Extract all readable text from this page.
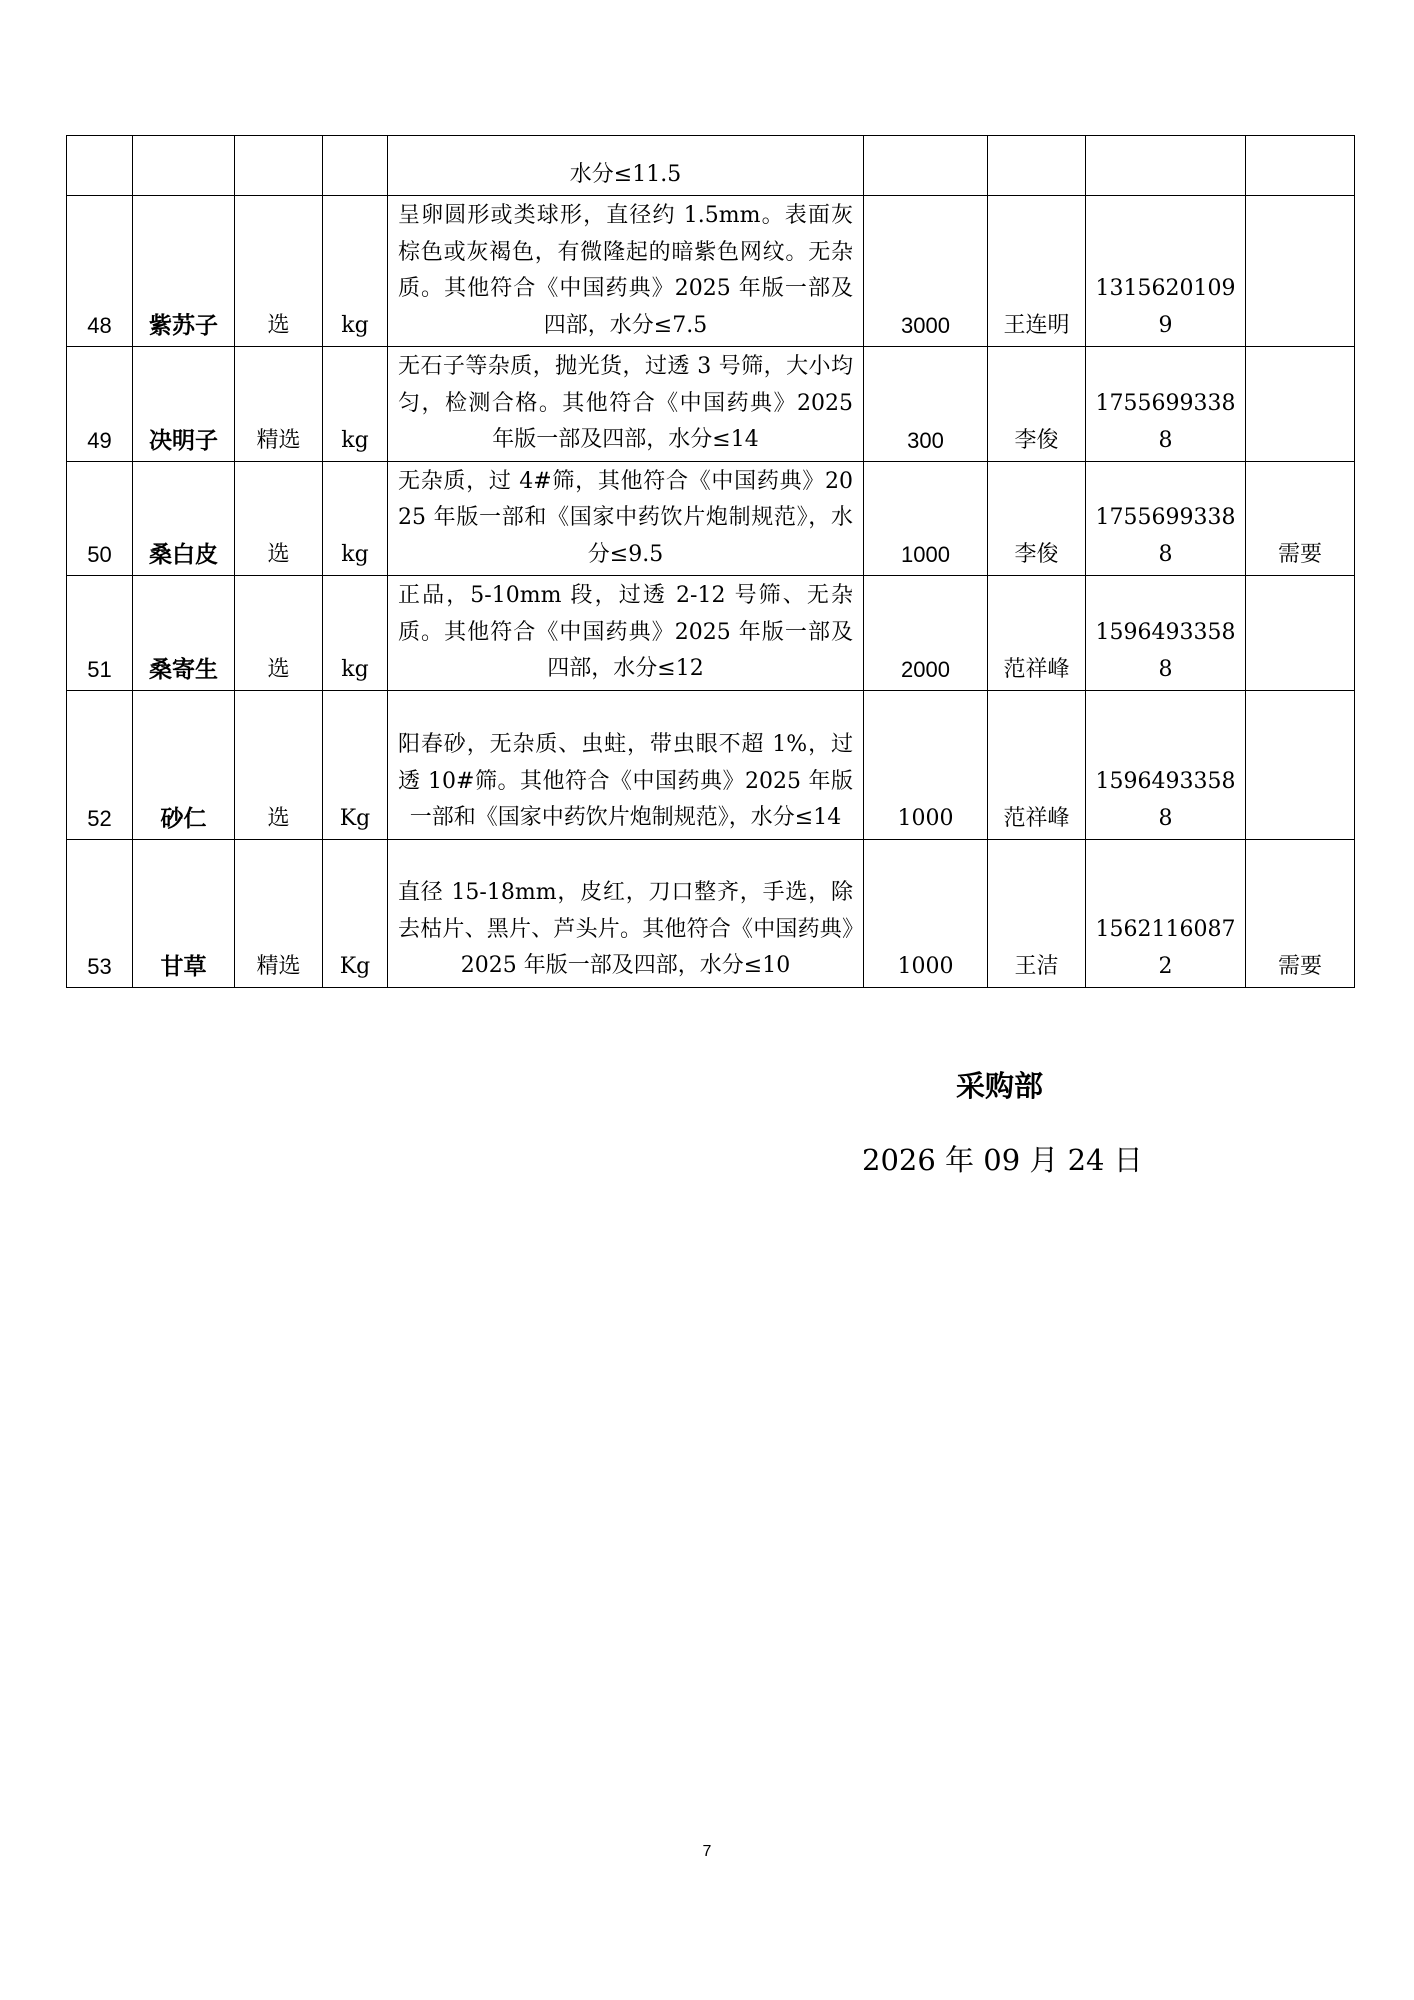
				水分≤11.5				
48	紫苏子	选	kg	呈卵圆形或类球形，直径约 1.5mm。表面灰棕色或灰褐色，有微隆起的暗紫色网纹。无杂质。其他符合《中国药典》2025 年版一部及四部，水分≤7.5	3000	王连明	13156201099	
49	决明子	精选	kg	无石子等杂质，抛光货，过透 3 号筛，大小均匀，检测合格。其他符合《中国药典》2025 年版一部及四部，水分≤14	300	李俊	17556993388	
50	桑白皮	选	kg	无杂质，过 4#筛，其他符合《中国药典》2025 年版一部和《国家中药饮片炮制规范》，水分≤9.5	1000	李俊	17556993388	需要
51	桑寄生	选	kg	正品，5-10mm 段，过透 2-12 号筛、无杂质。其他符合《中国药典》2025 年版一部及四部，水分≤12	2000	范祥峰	15964933588	
52	砂仁	选	Kg	阳春砂，无杂质、虫蛀，带虫眼不超 1%，过透 10#筛。其他符合《中国药典》2025 年版一部和《国家中药饮片炮制规范》，水分≤14	1000	范祥峰	15964933588	
53	甘草	精选	Kg	直径 15-18mm，皮红，刀口整齐，手选，除去枯片、黑片、芦头片。其他符合《中国药典》2025 年版一部及四部，水分≤10	1000	王洁	15621160872	需要
采购部
2026 年 09 月 24 日
7
